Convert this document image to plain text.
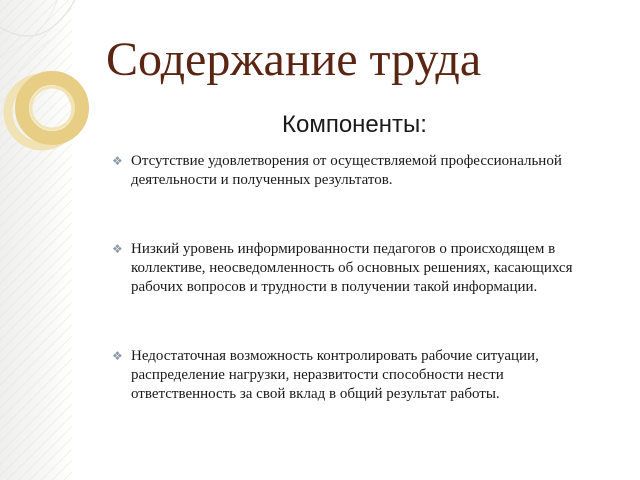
Содержание труда
Компоненты:
❖ Отсутствие удовлетворения от осуществляемой профессиональной деятельности и полученных результатов.
❖ Низкий уровень информированности педагогов о происходящем в коллективе, неосведомленность об основных решениях, касающихся рабочих вопросов и трудности в получении такой информации.
❖ Недостаточная возможность контролировать рабочие ситуации, распределение нагрузки, неразвитости способности нести ответственность за свой вклад в общий результат работы.
